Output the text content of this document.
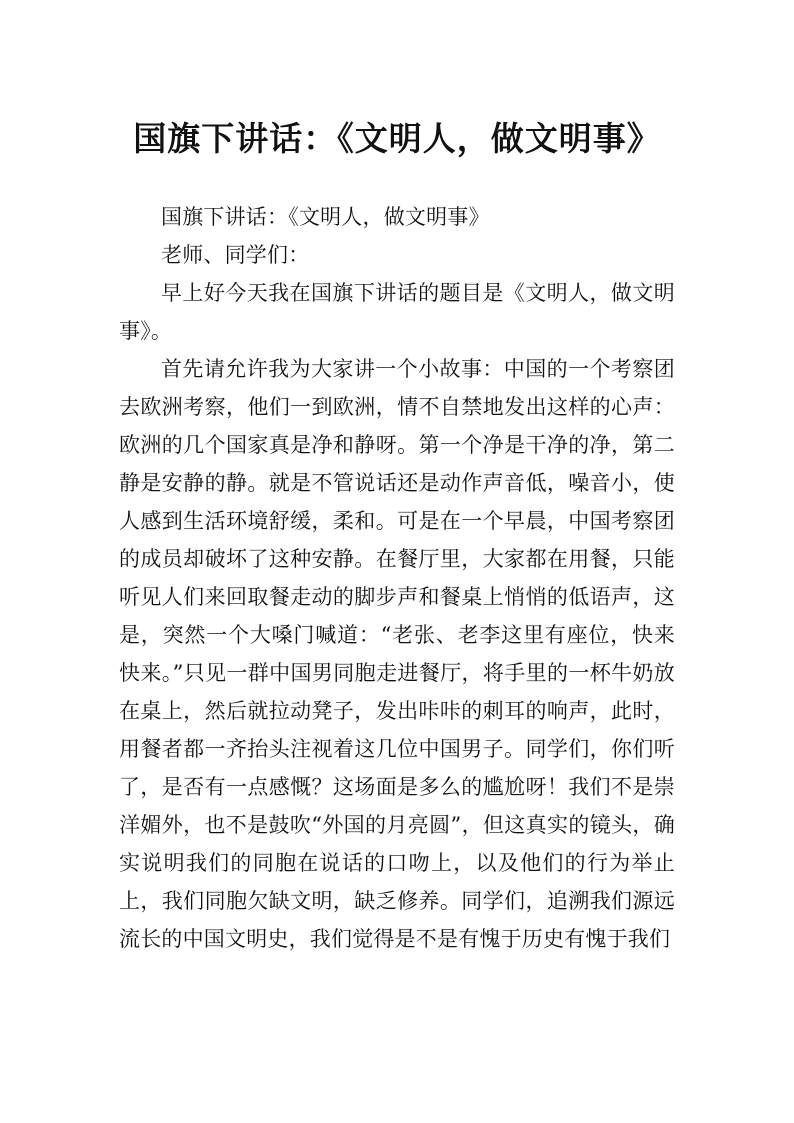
国旗下讲话：《文明人，做文明事》

国旗下讲话：《文明人，做文明事》

老师、同学们：

早上好今天我在国旗下讲话的题目是《文明人，做文明事》。

首先请允许我为大家讲一个小故事：中国的一个考察团去欧洲考察，他们一到欧洲，情不自禁地发出这样的心声：欧洲的几个国家真是净和静呀。第一个净是干净的净，第二静是安静的静。就是不管说话还是动作声音低，噪音小，使人感到生活环境舒缓，柔和。可是在一个早晨，中国考察团的成员却破坏了这种安静。在餐厅里，大家都在用餐，只能听见人们来回取餐走动的脚步声和餐桌上悄悄的低语声，这是，突然一个大嗓门喊道：“老张、老李这里有座位，快来快来。”只见一群中国男同胞走进餐厅，将手里的一杯牛奶放在桌上，然后就拉动凳子，发出咔咔的刺耳的响声，此时，用餐者都一齐抬头注视着这几位中国男子。同学们，你们听了，是否有一点感慨？这场面是多么的尴尬呀！我们不是崇洋媚外，也不是鼓吹“外国的月亮圆”，但这真实的镜头，确实说明我们的同胞在说话的口吻上，以及他们的行为举止上，我们同胞欠缺文明，缺乏修养。同学们，追溯我们源远流长的中国文明史，我们觉得是不是有愧于历史有愧于我们
